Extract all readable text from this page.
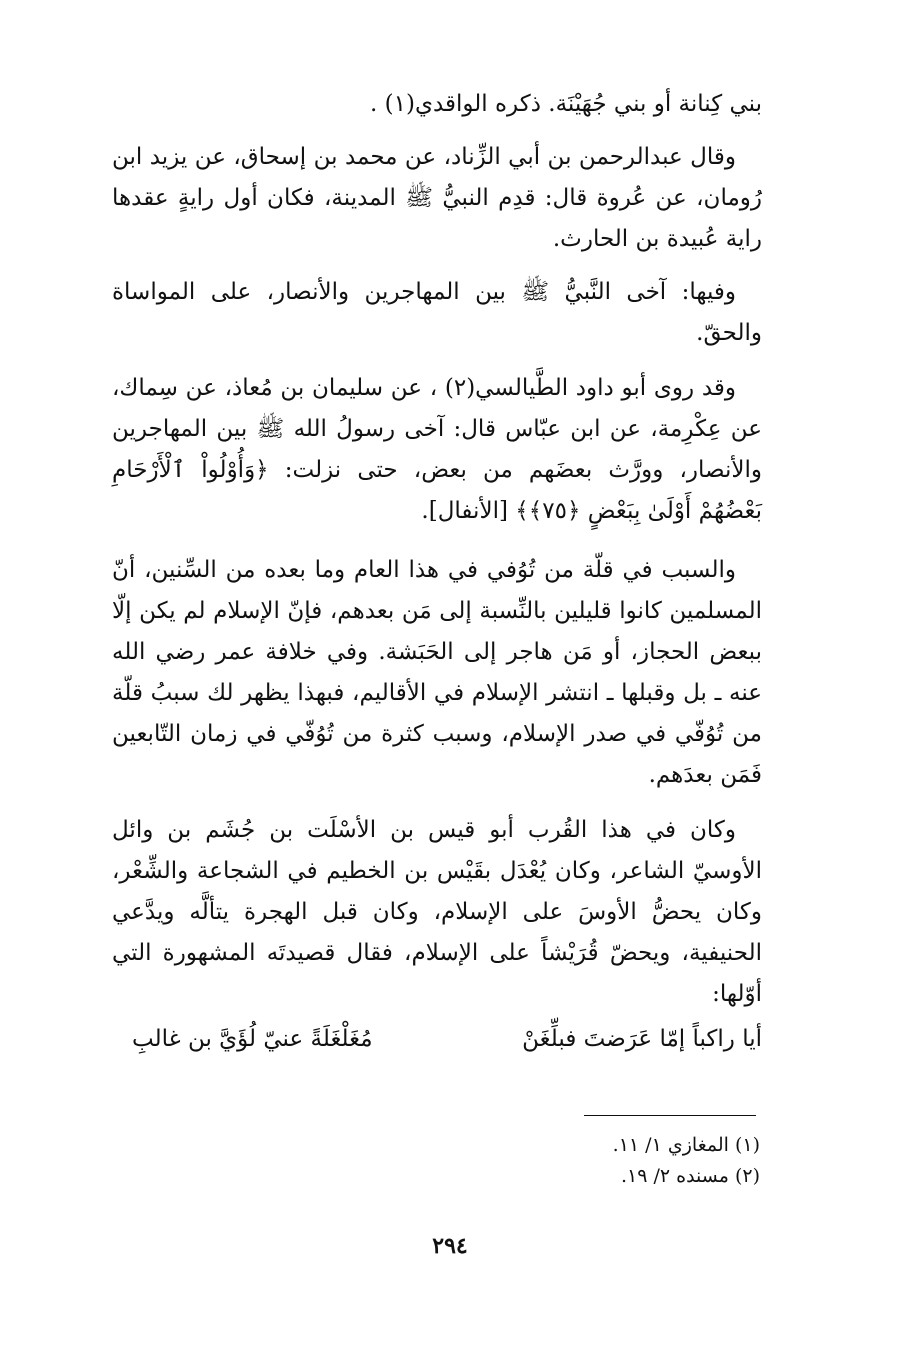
بني كِنانة أو بني جُهَيْنَة. ذكره الواقدي(١) .

وقال عبدالرحمن بن أبي الزِّناد، عن محمد بن إسحاق، عن يزيد ابن رُومان، عن عُروة قال: قدِم النبيُّ ﷺ المدينة، فكان أول رايةٍ عقدها راية عُبيدة بن الحارث.

وفيها: آخى النَّبيُّ ﷺ بين المهاجرين والأنصار، على المواساة والحقّ.

وقد روى أبو داود الطَّيالسي(٢) ، عن سليمان بن مُعاذ، عن سِماك، عن عِكْرِمة، عن ابن عبّاس قال: آخى رسولُ الله ﷺ بين المهاجرين والأنصار، وورَّث بعضَهم من بعض، حتى نزلت: ﴿وَأُوْلُواْ ٱلْأَرْحَامِ بَعْضُهُمْ أَوْلَىٰ بِبَعْضٍ ﴿٧٥﴾﴾ [الأنفال].

والسبب في قلّة من تُوُفي في هذا العام وما بعده من السِّنين، أنّ المسلمين كانوا قليلين بالنِّسبة إلى مَن بعدهم، فإنّ الإسلام لم يكن إلّا ببعض الحجاز، أو مَن هاجر إلى الحَبَشة. وفي خلافة عمر رضي الله عنه ـ بل وقبلها ـ انتشر الإسلام في الأقاليم، فبهذا يظهر لك سببُ قلّة من تُوُفّي في صدر الإسلام، وسبب كثرة من تُوُفّي في زمان التّابعين فَمَن بعدَهم.

وكان في هذا القُرب أبو قيس بن الأسْلَت بن جُشَم بن وائل الأوسيّ الشاعر، وكان يُعْدَل بقَيْس بن الخطيم في الشجاعة والشِّعْر، وكان يحضُّ الأوسَ على الإسلام، وكان قبل الهجرة يتألَّه ويدَّعي الحنيفية، ويحضّ قُرَيْشاً على الإسلام، فقال قصيدتَه المشهورة التي أوّلها:

أيا راكباً إمّا عَرَضتَ فبلِّغَنْ
مُغَلْغَلَةً عنيّ لُؤَيَّ بن غالبِ

(١) المغازي ١/ ١١.

(٢) مسنده ٢/ ١٩.

٢٩٤
